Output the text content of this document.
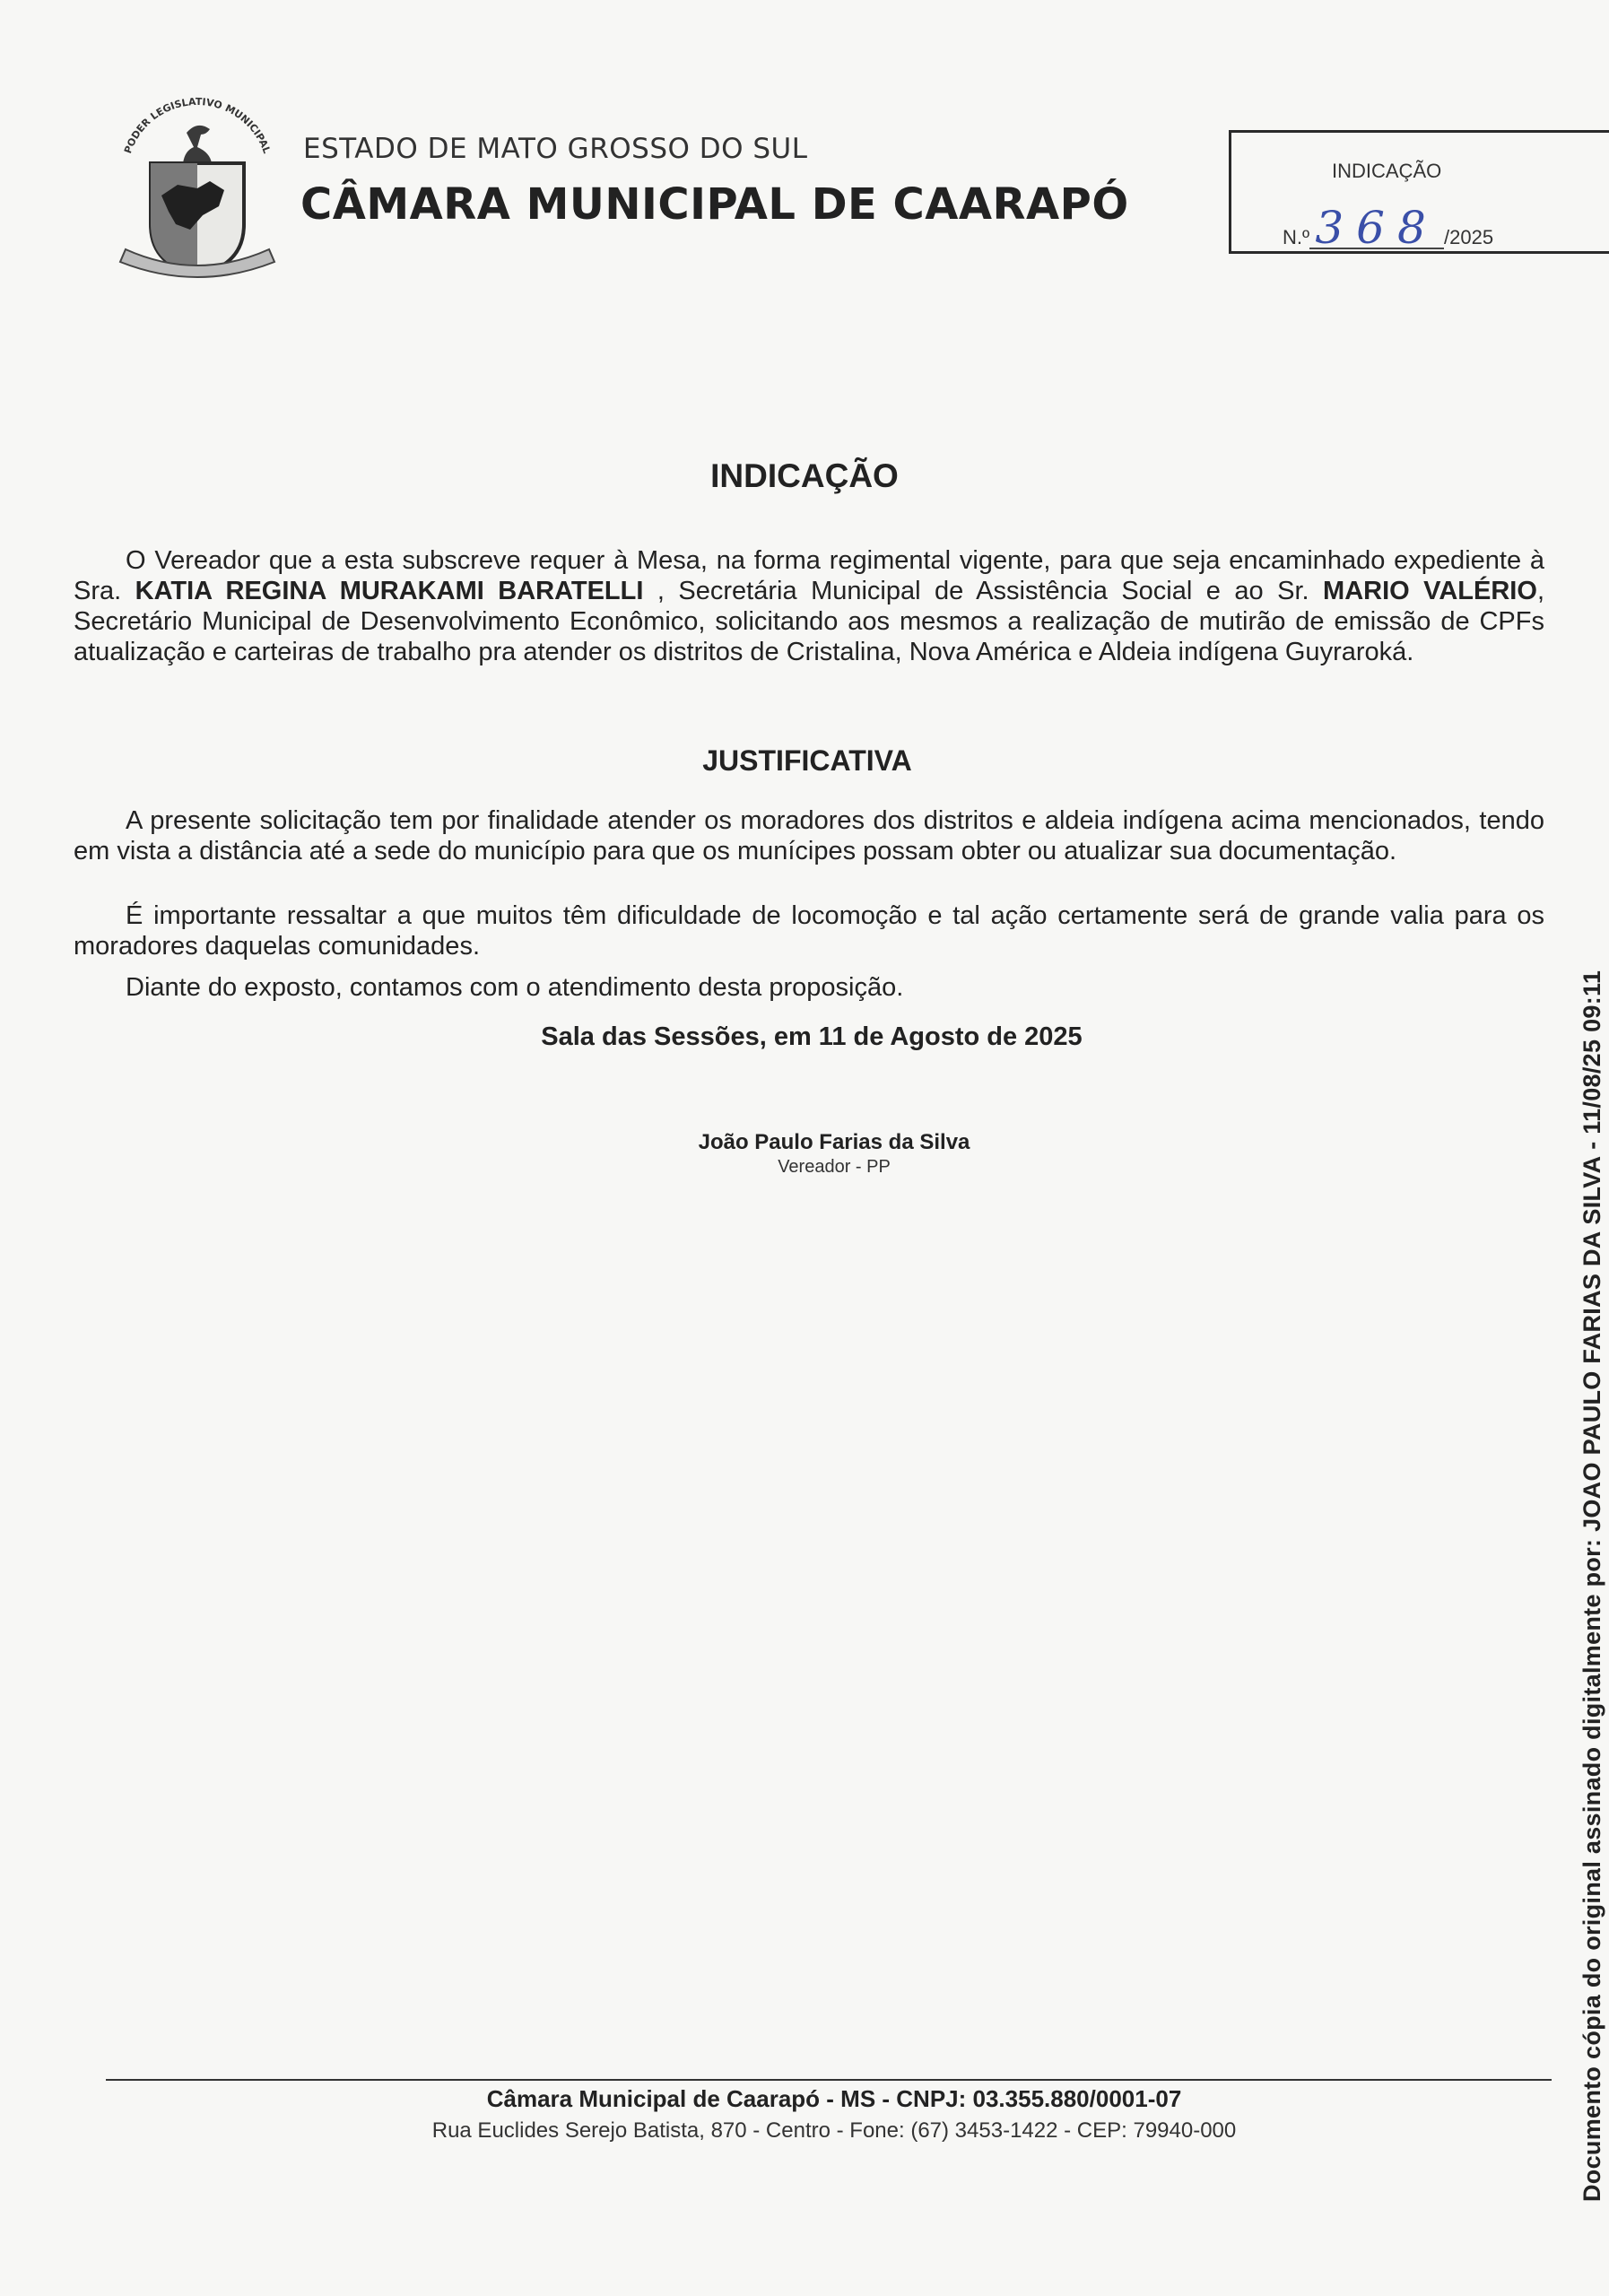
PODER LEGISLATIVO MUNICIPAL ESTADO DE MATO GROSSO DO SUL
CÂMARA MUNICIPAL DE CAARAPÓ
INDICAÇÃO
N.º 368 /2025
INDICAÇÃO
O Vereador que a esta subscreve requer à Mesa, na forma regimental vigente, para que seja encaminhado expediente à Sra. KATIA REGINA MURAKAMI BARATELLI , Secretária Municipal de Assistência Social e ao Sr. MARIO VALÉRIO, Secretário Municipal de Desenvolvimento Econômico, solicitando aos mesmos a realização de mutirão de emissão de CPFs atualização e carteiras de trabalho pra atender os distritos de Cristalina, Nova América e Aldeia indígena Guyraroká.
JUSTIFICATIVA
A presente solicitação tem por finalidade atender os moradores dos distritos e aldeia indígena acima mencionados, tendo em vista a distância até a sede do município para que os munícipes possam obter ou atualizar sua documentação.
É importante ressaltar a que muitos têm dificuldade de locomoção e tal ação certamente será de grande valia para os moradores daquelas comunidades.
Diante do exposto, contamos com o atendimento desta proposição.
Sala das Sessões, em 11 de Agosto de 2025
João Paulo Farias da Silva
Vereador - PP
Câmara Municipal de Caarapó - MS - CNPJ: 03.355.880/0001-07
Rua Euclides Serejo Batista, 870 - Centro - Fone: (67) 3453-1422 - CEP: 79940-000	Documento cópia do original assinado digitalmente por: JOAO PAULO FARIAS DA SILVA - 11/08/25 09:11
